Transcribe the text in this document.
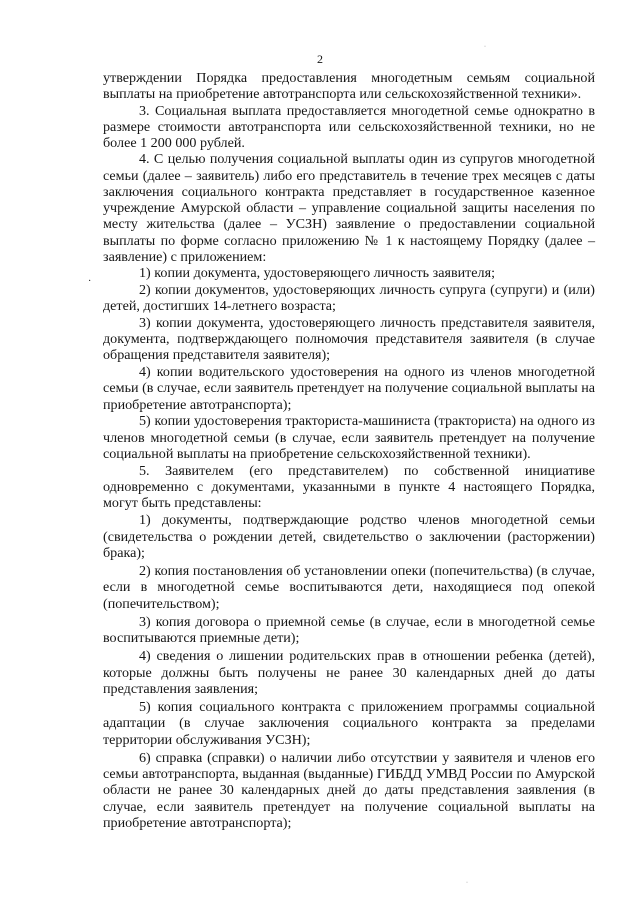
2
·
·
·

утверждении Порядка предоставления многодетным семьям социальной выплаты на приобретение автотранспорта или сельскохозяйственной техники».

3. Социальная выплата предоставляется многодетной семье однократно в размере стоимости автотранспорта или сельскохозяйственной техники, но не более 1 200 000 рублей.

4. С целью получения социальной выплаты один из супругов многодетной семьи (далее – заявитель) либо его представитель в течение трех месяцев с даты заключения социального контракта представляет в государственное казенное учреждение Амурской области – управление социальной защиты населения по месту жительства (далее – УСЗН) заявление о предоставлении социальной выплаты по форме согласно приложению № 1 к настоящему Порядку (далее – заявление) с приложением:

1) копии документа, удостоверяющего личность заявителя;

2) копии документов, удостоверяющих личность супруга (супруги) и (или) детей, достигших 14-летнего возраста;

3) копии документа, удостоверяющего личность представителя заявителя, документа, подтверждающего полномочия представителя заявителя (в случае обращения представителя заявителя);

4) копии водительского удостоверения на одного из членов многодетной семьи (в случае, если заявитель претендует на получение социальной выплаты на приобретение автотранспорта);

5) копии удостоверения тракториста-машиниста (тракториста) на одного из членов многодетной семьи (в случае, если заявитель претендует на получение социальной выплаты на приобретение сельскохозяйственной техники).

5. Заявителем (его представителем) по собственной инициативе одновременно с документами, указанными в пункте 4 настоящего Порядка, могут быть представлены:

1) документы, подтверждающие родство членов многодетной семьи (свидетельства о рождении детей, свидетельство о заключении (расторжении) брака);

2) копия постановления об установлении опеки (попечительства) (в случае, если в многодетной семье воспитываются дети, находящиеся под опекой (попечительством);

3) копия договора о приемной семье (в случае, если в многодетной семье воспитываются приемные дети);

4) сведения о лишении родительских прав в отношении ребенка (детей), которые должны быть получены не ранее 30 календарных дней до даты представления заявления;

5) копия социального контракта с приложением программы социальной адаптации (в случае заключения социального контракта за пределами территории обслуживания УСЗН);

6) справка (справки) о наличии либо отсутствии у заявителя и членов его семьи автотранспорта, выданная (выданные) ГИБДД УМВД России по Амурской области не ранее 30 календарных дней до даты представления заявления (в случае, если заявитель претендует на получение социальной выплаты на приобретение автотранспорта);
